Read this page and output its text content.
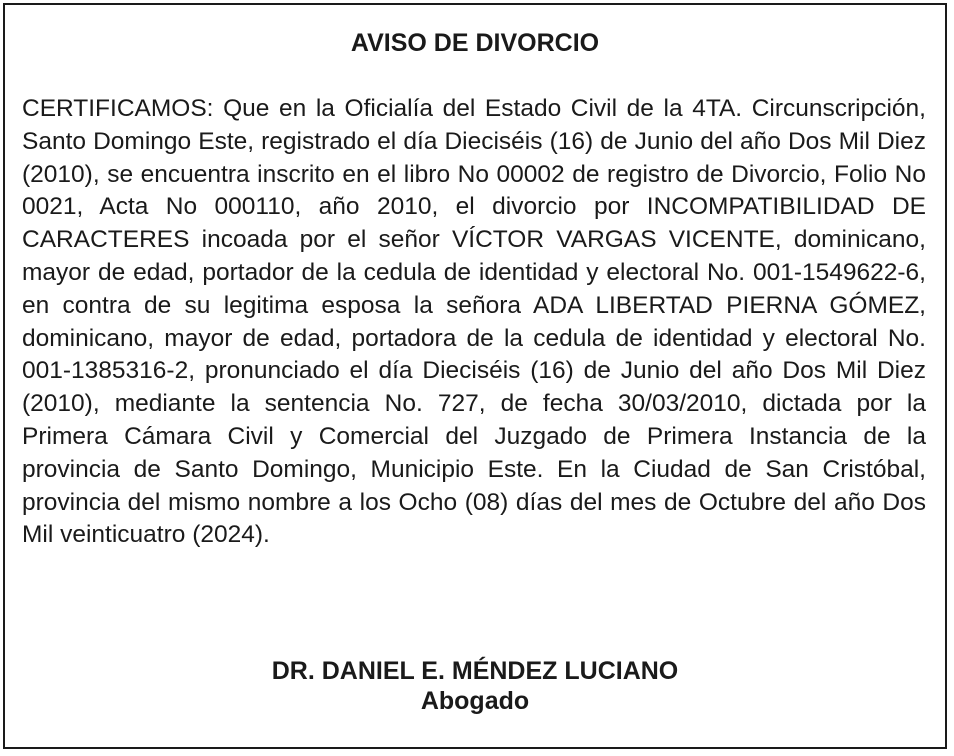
AVISO DE DIVORCIO

CERTIFICAMOS: Que en la Oficialía del Estado Civil de la 4TA. Circunscripción, Santo Domingo Este, registrado el día Dieciséis (16) de Junio del año Dos Mil Diez (2010), se encuentra inscrito en el libro No 00002 de registro de Divorcio, Folio No 0021, Acta No 000110, año 2010, el divorcio por INCOMPATIBILIDAD DE CARACTERES incoada por el señor VÍCTOR VARGAS VICENTE, dominicano, mayor de edad, portador de la cedula de identidad y electoral No. 001-1549622-6, en contra de su legitima esposa la señora ADA LIBERTAD PIERNA GÓMEZ, dominicano, mayor de edad, portadora de la cedula de identidad y electoral No. 001-1385316-2, pronunciado el día Dieciséis (16) de Junio del año Dos Mil Diez (2010), mediante la sentencia No. 727, de fecha 30/03/2010, dictada por la Primera Cámara Civil y Comercial del Juzgado de Primera Instancia de la provincia de Santo Domingo, Municipio Este. En la Ciudad de San Cristóbal, provincia del mismo nombre a los Ocho (08) días del mes de Octubre del año Dos Mil veinticuatro (2024).

DR. DANIEL E. MÉNDEZ LUCIANO
Abogado
